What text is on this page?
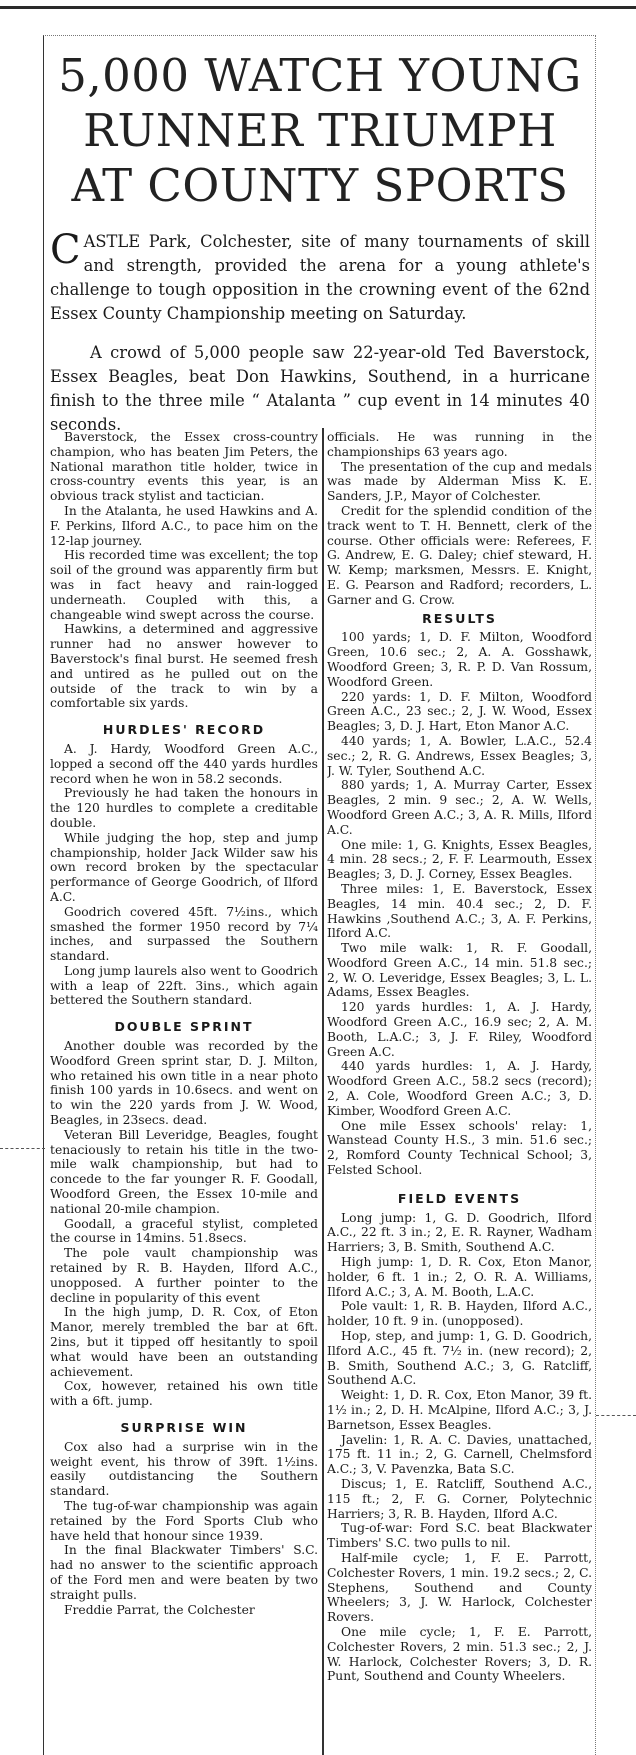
5,000 WATCH YOUNG
RUNNER TRIUMPH
AT COUNTY SPORTS

CASTLE Park, Colchester, site of many tournaments of skill and strength, provided the arena for a young athlete's challenge to tough opposition in the crowning event of the 62nd Essex County Championship meeting on Saturday.

A crowd of 5,000 people saw 22-year-old Ted Baverstock, Essex Beagles, beat Don Hawkins, Southend, in a hurricane finish to the three mile “ Atalanta ” cup event in 14 minutes 40 seconds.

Baverstock, the Essex cross-country champion, who has beaten Jim Peters, the National marathon title holder, twice in cross-country events this year, is an obvious track stylist and tactician.

In the Atalanta, he used Hawkins and A. F. Perkins, Ilford A.C., to pace him on the 12-lap journey.

His recorded time was excellent; the top soil of the ground was apparently firm but was in fact heavy and rain-logged underneath. Coupled with this, a changeable wind swept across the course.

Hawkins, a determined and aggressive runner had no answer however to Baverstock's final burst. He seemed fresh and untired as he pulled out on the outside of the track to win by a comfortable six yards.

HURDLES' RECORD

A. J. Hardy, Woodford Green A.C., lopped a second off the 440 yards hurdles record when he won in 58.2 seconds.

Previously he had taken the honours in the 120 hurdles to complete a creditable double.

While judging the hop, step and jump championship, holder Jack Wilder saw his own record broken by the spectacular performance of George Goodrich, of Ilford A.C.

Goodrich covered 45ft. 7½ins., which smashed the former 1950 record by 7¼ inches, and surpassed the Southern standard.

Long jump laurels also went to Goodrich with a leap of 22ft. 3ins., which again bettered the Southern standard.

DOUBLE SPRINT

Another double was recorded by the Woodford Green sprint star, D. J. Milton, who retained his own title in a near photo finish 100 yards in 10.6secs. and went on to win the 220 yards from J. W. Wood, Beagles, in 23secs. dead.

Veteran Bill Leveridge, Beagles, fought tenaciously to retain his title in the two-mile walk championship, but had to concede to the far younger R. F. Goodall, Woodford Green, the Essex 10-mile and national 20-mile champion.

Goodall, a graceful stylist, completed the course in 14mins. 51.8secs.

The pole vault championship was retained by R. B. Hayden, Ilford A.C., unopposed. A further pointer to the decline in popularity of this event

In the high jump, D. R. Cox, of Eton Manor, merely trembled the bar at 6ft. 2ins, but it tipped off hesitantly to spoil what would have been an outstanding achievement.

Cox, however, retained his own title with a 6ft. jump.

SURPRISE WIN

Cox also had a surprise win in the weight event, his throw of 39ft. 1½ins. easily outdistancing the Southern standard.

The tug-of-war championship was again retained by the Ford Sports Club who have held that honour since 1939.

In the final Blackwater Timbers' S.C. had no answer to the scientific approach of the Ford men and were beaten by two straight pulls.

Freddie Parrat, the Colchester

officials. He was running in the championships 63 years ago.

The presentation of the cup and medals was made by Alderman Miss K. E. Sanders, J.P., Mayor of Colchester.

Credit for the splendid condition of the track went to T. H. Bennett, clerk of the course. Other officials were: Referees, F. G. Andrew, E. G. Daley; chief steward, H. W. Kemp; marksmen, Messrs. E. Knight, E. G. Pearson and Radford; recorders, L. Garner and G. Crow.

RESULTS

100 yards; 1, D. F. Milton, Woodford Green, 10.6 sec.; 2, A. A. Gosshawk, Woodford Green; 3, R. P. D. Van Rossum, Woodford Green.

220 yards: 1, D. F. Milton, Woodford Green A.C., 23 sec.; 2, J. W. Wood, Essex Beagles; 3, D. J. Hart, Eton Manor A.C.

440 yards; 1, A. Bowler, L.A.C., 52.4 sec.; 2, R. G. Andrews, Essex Beagles; 3, J. W. Tyler, Southend A.C.

880 yards; 1, A. Murray Carter, Essex Beagles, 2 min. 9 sec.; 2, A. W. Wells, Woodford Green A.C.; 3, A. R. Mills, Ilford A.C.

One mile: 1, G. Knights, Essex Beagles, 4 min. 28 secs.; 2, F. F. Learmouth, Essex Beagles; 3, D. J. Corney, Essex Beagles.

Three miles: 1, E. Baverstock, Essex Beagles, 14 min. 40.4 sec.; 2, D. F. Hawkins ,Southend A.C.; 3, A. F. Perkins, Ilford A.C.

Two mile walk: 1, R. F. Goodall, Woodford Green A.C., 14 min. 51.8 sec.; 2, W. O. Leveridge, Essex Beagles; 3, L. L. Adams, Essex Beagles.

120 yards hurdles: 1, A. J. Hardy, Woodford Green A.C., 16.9 sec; 2, A. M. Booth, L.A.C.; 3, J. F. Riley, Woodford Green A.C.

440 yards hurdles: 1, A. J. Hardy, Woodford Green A.C., 58.2 secs (record); 2, A. Cole, Woodford Green A.C.; 3, D. Kimber, Woodford Green A.C.

One mile Essex schools' relay: 1, Wanstead County H.S., 3 min. 51.6 sec.; 2, Romford County Technical School; 3, Felsted School.

FIELD EVENTS

Long jump: 1, G. D. Goodrich, Ilford A.C., 22 ft. 3 in.; 2, E. R. Rayner, Wadham Harriers; 3, B. Smith, Southend A.C.

High jump: 1, D. R. Cox, Eton Manor, holder, 6 ft. 1 in.; 2, O. R. A. Williams, Ilford A.C.; 3, A. M. Booth, L.A.C.

Pole vault: 1, R. B. Hayden, Ilford A.C., holder, 10 ft. 9 in. (unopposed).

Hop, step, and jump: 1, G. D. Goodrich, Ilford A.C., 45 ft. 7½ in. (new record); 2, B. Smith, Southend A.C.; 3, G. Ratcliff, Southend A.C.

Weight: 1, D. R. Cox, Eton Manor, 39 ft. 1½ in.; 2, D. H. McAlpine, Ilford A.C.; 3, J. Barnetson, Essex Beagles.

Javelin: 1, R. A. C. Davies, unattached, 175 ft. 11 in.; 2, G. Carnell, Chelmsford A.C.; 3, V. Pavenzka, Bata S.C.

Discus; 1, E. Ratcliff, Southend A.C., 115 ft.; 2, F. G. Corner, Polytechnic Harriers; 3, R. B. Hayden, Ilford A.C.

Tug-of-war: Ford S.C. beat Blackwater Timbers' S.C. two pulls to nil.

Half-mile cycle; 1, F. E. Parrott, Colchester Rovers, 1 min. 19.2 secs.; 2, C. Stephens, Southend and County Wheelers; 3, J. W. Harlock, Colchester Rovers.

One mile cycle; 1, F. E. Parrott, Colchester Rovers, 2 min. 51.3 sec.; 2, J. W. Harlock, Colchester Rovers; 3, D. R. Punt, Southend and County Wheelers.
